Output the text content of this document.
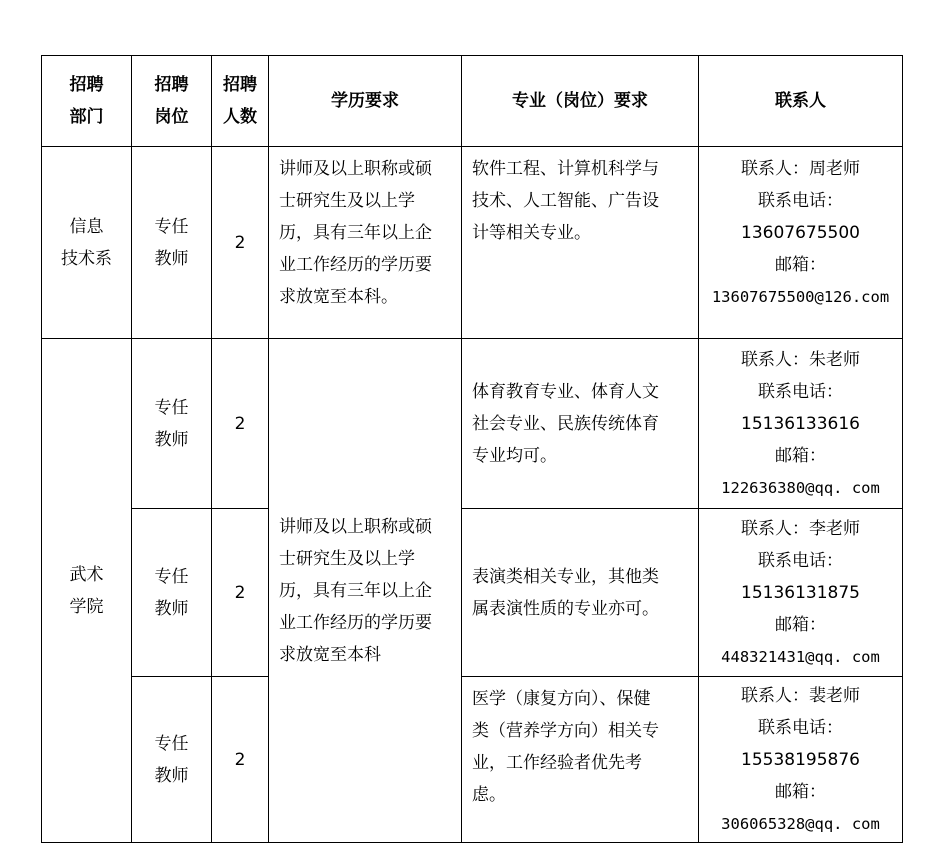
招聘
部门	招聘
岗位	招聘
人数	学历要求	专业（岗位）要求	联系人

信息
技术系	专任
教师	2	讲师及以上职称或硕
士研究生及以上学
历，具有三年以上企
业工作经历的学历要
求放宽至本科。	软件工程、计算机科学与
技术、人工智能、广告设
计等相关专业。	联系人：周老师
联系电话：
13607675500
邮箱：
13607675500@126.com

武术
学院	专任
教师	2	讲师及以上职称或硕
士研究生及以上学
历，具有三年以上企
业工作经历的学历要
求放宽至本科	体育教育专业、体育人文
社会专业、民族传统体育
专业均可。	联系人：朱老师
联系电话：
15136133616
邮箱：
122636380@qq. com

	专任
教师	2		表演类相关专业，其他类
属表演性质的专业亦可。	联系人：李老师
联系电话：
15136131875
邮箱：
448321431@qq. com

	专任
教师	2		医学（康复方向）、保健
类（营养学方向）相关专
业，工作经验者优先考
虑。	联系人：裴老师
联系电话：
15538195876
邮箱：
306065328@qq. com
